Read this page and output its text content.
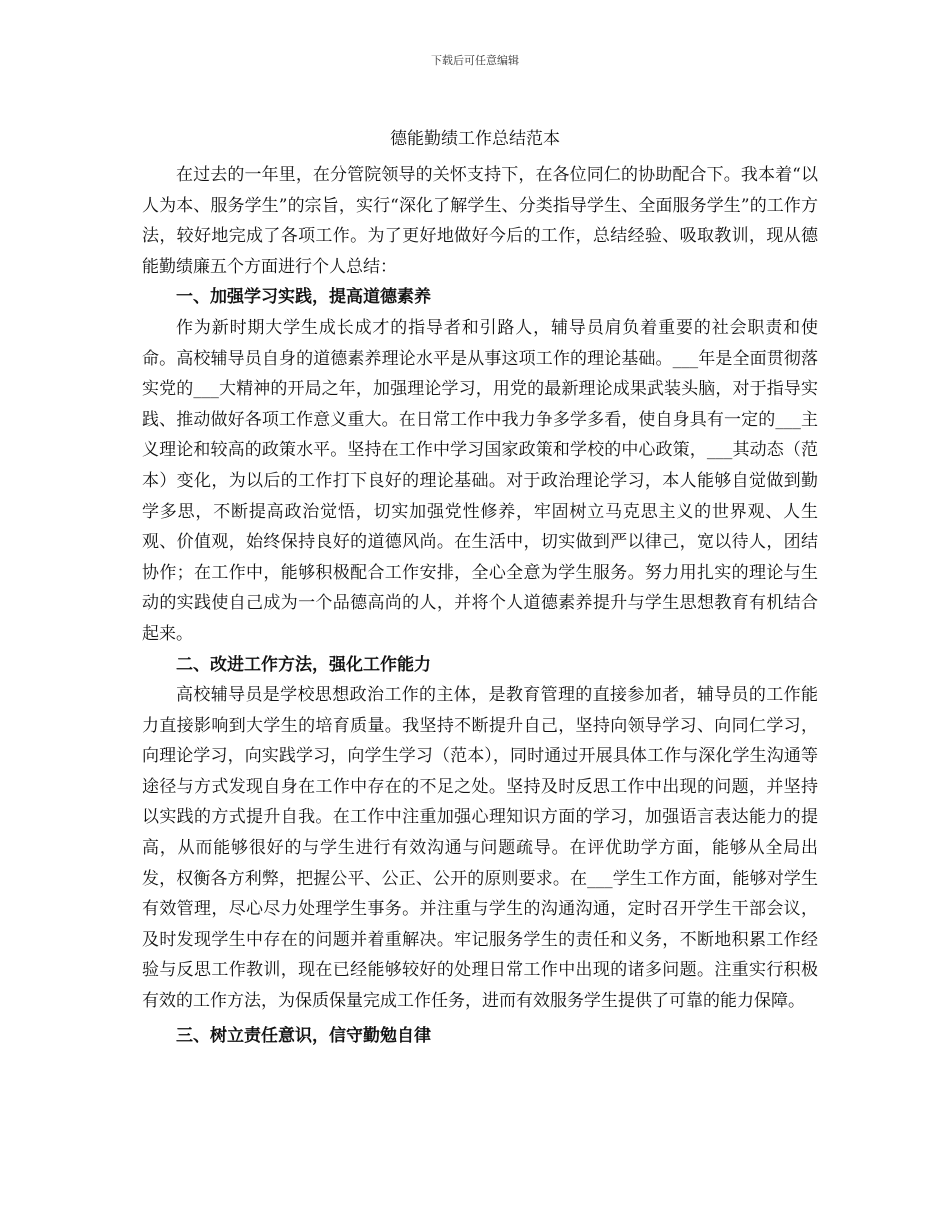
下载后可任意编辑
德能勤绩工作总结范本

在过去的一年里，在分管院领导的关怀支持下，在各位同仁的协助配合下。我本着“以人为本、服务学生”的宗旨，实行“深化了解学生、分类指导学生、全面服务学生”的工作方法，较好地完成了各项工作。为了更好地做好今后的工作，总结经验、吸取教训，现从德能勤绩廉五个方面进行个人总结：

一、加强学习实践，提高道德素养

作为新时期大学生成长成才的指导者和引路人，辅导员肩负着重要的社会职责和使命。高校辅导员自身的道德素养理论水平是从事这项工作的理论基础。___年是全面贯彻落实党的___大精神的开局之年，加强理论学习，用党的最新理论成果武装头脑，对于指导实践、推动做好各项工作意义重大。在日常工作中我力争多学多看，使自身具有一定的___主义理论和较高的政策水平。坚持在工作中学习国家政策和学校的中心政策，___其动态（范本）变化，为以后的工作打下良好的理论基础。对于政治理论学习，本人能够自觉做到勤学多思，不断提高政治觉悟，切实加强党性修养，牢固树立马克思主义的世界观、人生观、价值观，始终保持良好的道德风尚。在生活中，切实做到严以律己，宽以待人，团结协作；在工作中，能够积极配合工作安排，全心全意为学生服务。努力用扎实的理论与生动的实践使自己成为一个品德高尚的人，并将个人道德素养提升与学生思想教育有机结合起来。

二、改进工作方法，强化工作能力

高校辅导员是学校思想政治工作的主体，是教育管理的直接参加者，辅导员的工作能力直接影响到大学生的培育质量。我坚持不断提升自己，坚持向领导学习、向同仁学习，向理论学习，向实践学习，向学生学习（范本），同时通过开展具体工作与深化学生沟通等途径与方式发现自身在工作中存在的不足之处。坚持及时反思工作中出现的问题，并坚持以实践的方式提升自我。在工作中注重加强心理知识方面的学习，加强语言表达能力的提高，从而能够很好的与学生进行有效沟通与问题疏导。在评优助学方面，能够从全局出发，权衡各方利弊，把握公平、公正、公开的原则要求。在___学生工作方面，能够对学生有效管理，尽心尽力处理学生事务。并注重与学生的沟通沟通，定时召开学生干部会议，及时发现学生中存在的问题并着重解决。牢记服务学生的责任和义务，不断地积累工作经验与反思工作教训，现在已经能够较好的处理日常工作中出现的诸多问题。注重实行积极有效的工作方法，为保质保量完成工作任务，进而有效服务学生提供了可靠的能力保障。

三、树立责任意识，信守勤勉自律
